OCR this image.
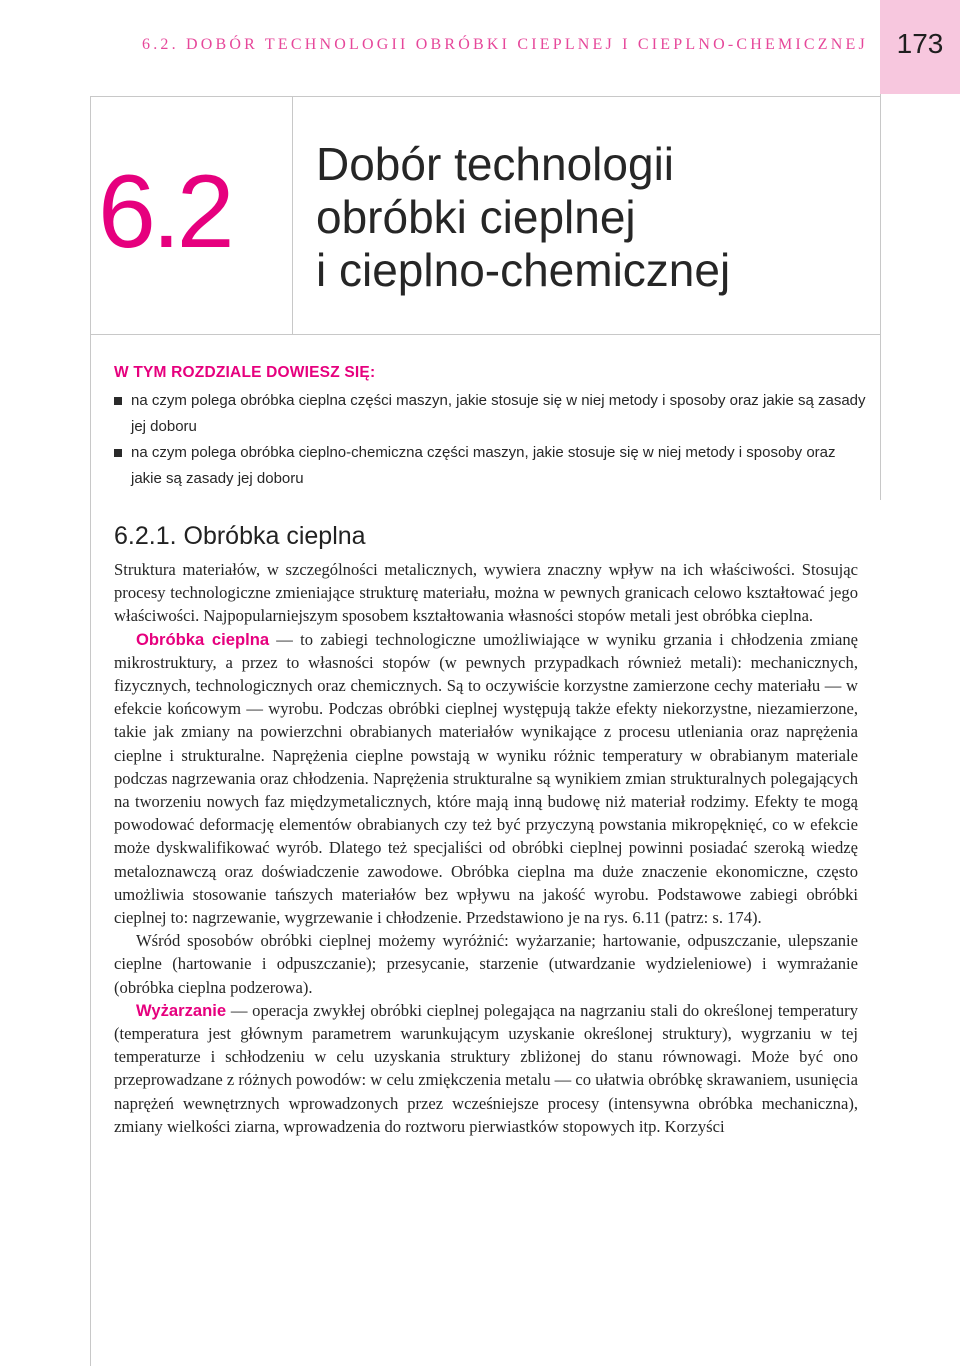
6.2. DOBÓR TECHNOLOGII OBRÓBKI CIEPLNEJ I CIEPLNO-CHEMICZNEJ	173
6.2 Dobór technologii
obróbki cieplnej
i cieplno-chemicznej
W TYM ROZDZIALE DOWIESZ SIĘ:
na czym polega obróbka cieplna części maszyn, jakie stosuje się w niej metody i sposoby oraz jakie są zasady jej doboru
na czym polega obróbka cieplno-chemiczna części maszyn, jakie stosuje się w niej metody i sposoby oraz jakie są zasady jej doboru
6.2.1. Obróbka cieplna

Struktura materiałów, w szczególności metalicznych, wywiera znaczny wpływ na ich właściwości. Stosując procesy technologiczne zmieniające strukturę materiału, można w pewnych granicach celowo kształtować jego właściwości. Najpopularniejszym sposobem kształtowania własności stopów metali jest obróbka cieplna.

Obróbka cieplna — to zabiegi technologiczne umożliwiające w wyniku grzania i chłodzenia zmianę mikrostruktury, a przez to własności stopów (w pewnych przypadkach również metali): mechanicznych, fizycznych, technologicznych oraz chemicznych. Są to oczywiście korzystne zamierzone cechy materiału — w efekcie końcowym — wyrobu. Podczas obróbki cieplnej występują także efekty niekorzystne, niezamierzone, takie jak zmiany na powierzchni obrabianych materiałów wynikające z procesu utleniania oraz naprężenia cieplne i strukturalne. Naprężenia cieplne powstają w wyniku różnic temperatury w obrabianym materiale podczas nagrzewania oraz chłodzenia. Naprężenia strukturalne są wynikiem zmian strukturalnych polegających na tworzeniu nowych faz międzymetalicznych, które mają inną budowę niż materiał rodzimy. Efekty te mogą powodować deformację elementów obrabianych czy też być przyczyną powstania mikropęknięć, co w efekcie może dyskwalifikować wyrób. Dlatego też specjaliści od obróbki cieplnej powinni posiadać szeroką wiedzę metaloznawczą oraz doświadczenie zawodowe. Obróbka cieplna ma duże znaczenie ekonomiczne, często umożliwia stosowanie tańszych materiałów bez wpływu na jakość wyrobu. Podstawowe zabiegi obróbki cieplnej to: nagrzewanie, wygrzewanie i chłodzenie. Przedstawiono je na rys. 6.11 (patrz: s. 174).

Wśród sposobów obróbki cieplnej możemy wyróżnić: wyżarzanie; hartowanie, odpuszczanie, ulepszanie cieplne (hartowanie i odpuszczanie); przesycanie, starzenie (utwardzanie wydzieleniowe) i wymrażanie (obróbka cieplna podzerowa).

Wyżarzanie — operacja zwykłej obróbki cieplnej polegająca na nagrzaniu stali do określonej temperatury (temperatura jest głównym parametrem warunkującym uzyskanie określonej struktury), wygrzaniu w tej temperaturze i schłodzeniu w celu uzyskania struktury zbliżonej do stanu równowagi. Może być ono przeprowadzane z różnych powodów: w celu zmiękczenia metalu — co ułatwia obróbkę skrawaniem, usunięcia naprężeń wewnętrznych wprowadzonych przez wcześniejsze procesy (intensywna obróbka mechaniczna), zmiany wielkości ziarna, wprowadzenia do roztworu pierwiastków stopowych itp. Korzyści
